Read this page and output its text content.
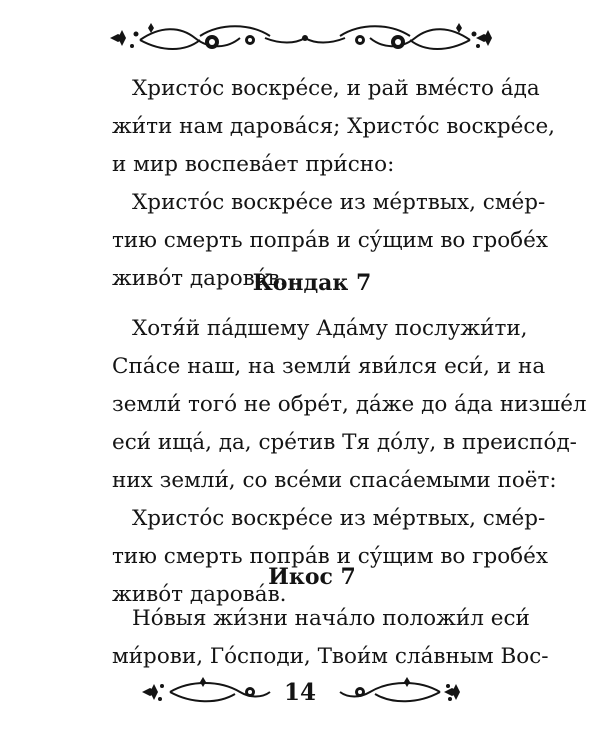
Христо́с воскре́се, и рай вме́сто а́да
жи́ти нам дарова́ся; Христо́с воскре́се,
и мир воспева́ет при́сно:
Христо́с воскре́се из ме́ртвых, сме́р-
тию смерть попра́в и су́щим во гробе́х
живо́т дарова́в.
Кондак 7
Хотя́й па́дшему Ада́му послужи́ти,
Спа́се наш, на земли́ яви́лся еси́, и на
земли́ того́ не обре́т, да́же до а́да низше́л
еси́ ища́, да, сре́тив Тя до́лу, в преиспо́д-
них земли́, со все́ми спаса́емыми поёт:
Христо́с воскре́се из ме́ртвых, сме́р-
тию смерть попра́в и су́щим во гробе́х
живо́т дарова́в.
Икос 7
Но́выя жи́зни нача́ло положи́л еси́
ми́рови, Го́споди, Твои́м сла́вным Вос-
14
